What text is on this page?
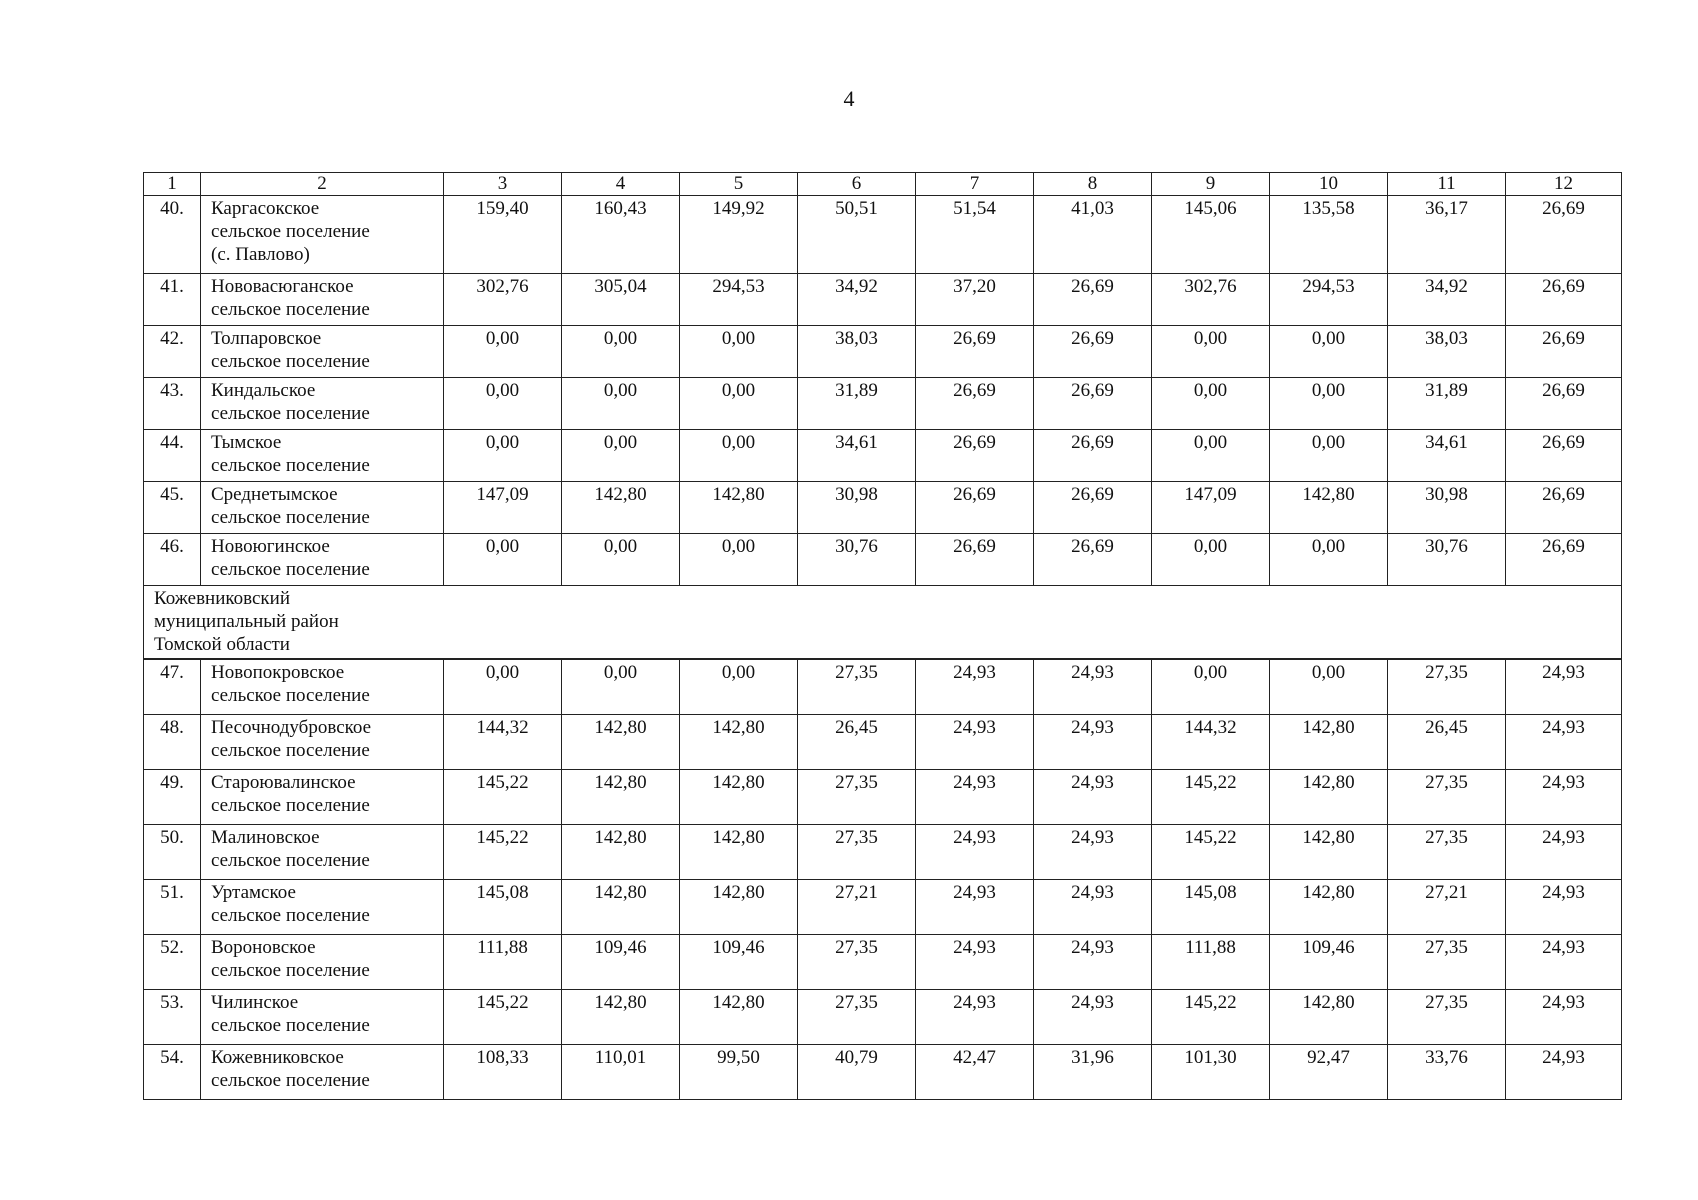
4
1	2	3	4	5	6	7	8	9	10	11	12
40.	Каргасокское
сельское поселение
(с. Павлово)	159,40	160,43	149,92	50,51	51,54	41,03	145,06	135,58	36,17	26,69
41.	Нововасюганское
сельское поселение	302,76	305,04	294,53	34,92	37,20	26,69	302,76	294,53	34,92	26,69
42.	Толпаровское
сельское поселение	0,00	0,00	0,00	38,03	26,69	26,69	0,00	0,00	38,03	26,69
43.	Киндальское
сельское поселение	0,00	0,00	0,00	31,89	26,69	26,69	0,00	0,00	31,89	26,69
44.	Тымское
сельское поселение	0,00	0,00	0,00	34,61	26,69	26,69	0,00	0,00	34,61	26,69
45.	Среднетымское
сельское поселение	147,09	142,80	142,80	30,98	26,69	26,69	147,09	142,80	30,98	26,69
46.	Новоюгинское
сельское поселение	0,00	0,00	0,00	30,76	26,69	26,69	0,00	0,00	30,76	26,69

Кожевниковский
муниципальный район
Томской области											

47.	Новопокровское
сельское поселение	0,00	0,00	0,00	27,35	24,93	24,93	0,00	0,00	27,35	24,93
48.	Песочнодубровское
сельское поселение	144,32	142,80	142,80	26,45	24,93	24,93	144,32	142,80	26,45	24,93
49.	Староювалинское
сельское поселение	145,22	142,80	142,80	27,35	24,93	24,93	145,22	142,80	27,35	24,93
50.	Малиновское
сельское поселение	145,22	142,80	142,80	27,35	24,93	24,93	145,22	142,80	27,35	24,93
51.	Уртамское
сельское поселение	145,08	142,80	142,80	27,21	24,93	24,93	145,08	142,80	27,21	24,93
52.	Вороновское
сельское поселение	111,88	109,46	109,46	27,35	24,93	24,93	111,88	109,46	27,35	24,93
53.	Чилинское
сельское поселение	145,22	142,80	142,80	27,35	24,93	24,93	145,22	142,80	27,35	24,93
54.	Кожевниковское
сельское поселение	108,33	110,01	99,50	40,79	42,47	31,96	101,30	92,47	33,76	24,93
